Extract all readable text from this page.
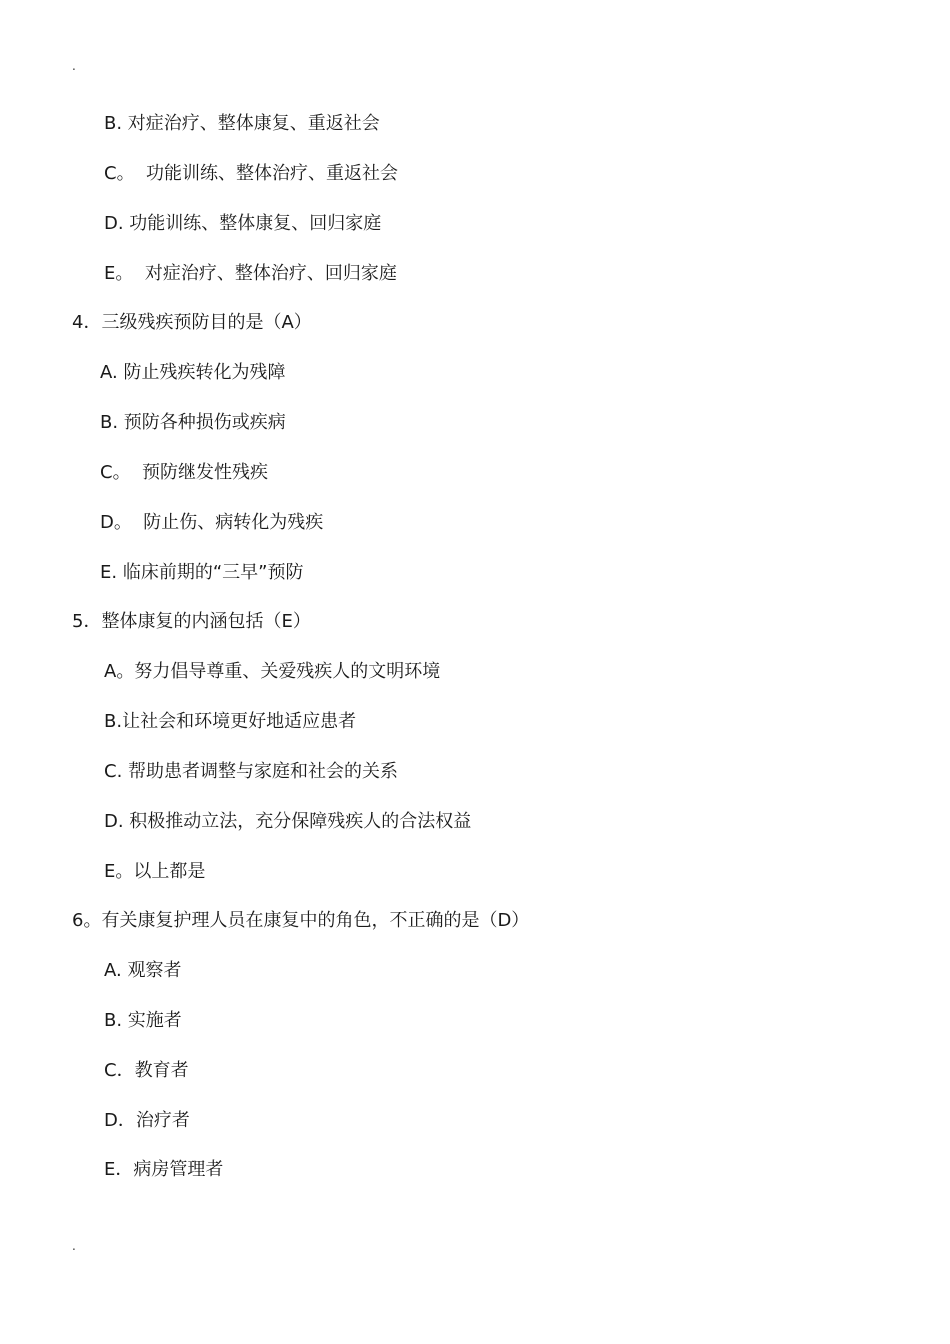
.
B. 对症治疗、整体康复、重返社会
C。  功能训练、整体治疗、重返社会
D. 功能训练、整体康复、回归家庭
E。  对症治疗、整体治疗、回归家庭
4．三级残疾预防目的是（A）
A. 防止残疾转化为残障
B. 预防各种损伤或疾病
C。  预防继发性残疾
D。  防止伤、病转化为残疾
E. 临床前期的“三早”预防
5．整体康复的内涵包括（E）
A。努力倡导尊重、关爱残疾人的文明环境
B.让社会和环境更好地适应患者
C. 帮助患者调整与家庭和社会的关系
D. 积极推动立法，充分保障残疾人的合法权益
E。以上都是
6。有关康复护理人员在康复中的角色，不正确的是（D）
A. 观察者
B. 实施者
C．教育者
D．治疗者
E．病房管理者
.
